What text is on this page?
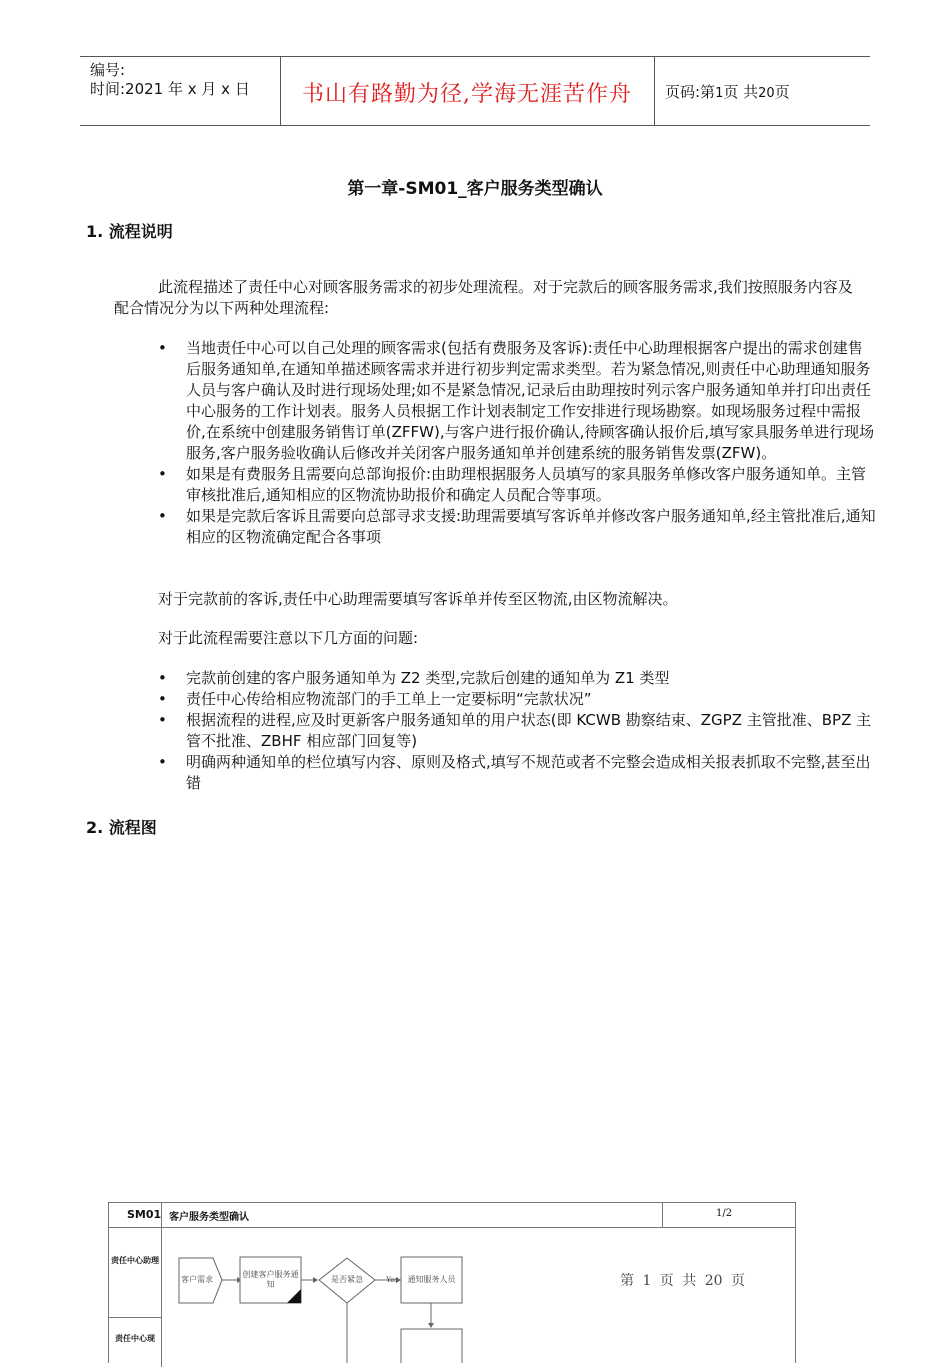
编号:
时间:2021 年 x 月 x 日	书山有路勤为径,学海无涯苦作舟	页码:第1页 共20页
第一章-SM01_客户服务类型确认
1. 流程说明
此流程描述了责任中心对顾客服务需求的初步处理流程。对于完款后的顾客服务需求,我们按照服务内容及配合情况分为以下两种处理流程:
• 当地责任中心可以自己处理的顾客需求(包括有费服务及客诉):责任中心助理根据客户提出的需求创建售后服务通知单,在通知单描述顾客需求并进行初步判定需求类型。若为紧急情况,则责任中心助理通知服务人员与客户确认及时进行现场处理;如不是紧急情况,记录后由助理按时列示客户服务通知单并打印出责任中心服务的工作计划表。服务人员根据工作计划表制定工作安排进行现场勘察。如现场服务过程中需报价,在系统中创建服务销售订单(ZFFW),与客户进行报价确认,待顾客确认报价后,填写家具服务单进行现场服务,客户服务验收确认后修改并关闭客户服务通知单并创建系统的服务销售发票(ZFW)。
• 如果是有费服务且需要向总部询报价:由助理根据服务人员填写的家具服务单修改客户服务通知单。主管审核批准后,通知相应的区物流协助报价和确定人员配合等事项。
• 如果是完款后客诉且需要向总部寻求支援:助理需要填写客诉单并修改客户服务通知单,经主管批准后,通知相应的区物流确定配合各事项
对于完款前的客诉,责任中心助理需要填写客诉单并传至区物流,由区物流解决。
对于此流程需要注意以下几方面的问题:
• 完款前创建的客户服务通知单为 Z2 类型,完款后创建的通知单为 Z1 类型
• 责任中心传给相应物流部门的手工单上一定要标明“完款状况”
• 根据流程的进程,应及时更新客户服务通知单的用户状态(即 KCWB 勘察结束、ZGPZ 主管批准、BPZ 主管不批准、ZBHF 相应部门回复等)
• 明确两种通知单的栏位填写内容、原则及格式,填写不规范或者不完整会造成相关报表抓取不完整,甚至出错
2. 流程图
SM01 客户服务类型确认	1/2
责任中心助理
责任中心现
客户需求
创建客户服务通知
是否紧急	Yes	通知服务人员	第 1 页 共 20 页
